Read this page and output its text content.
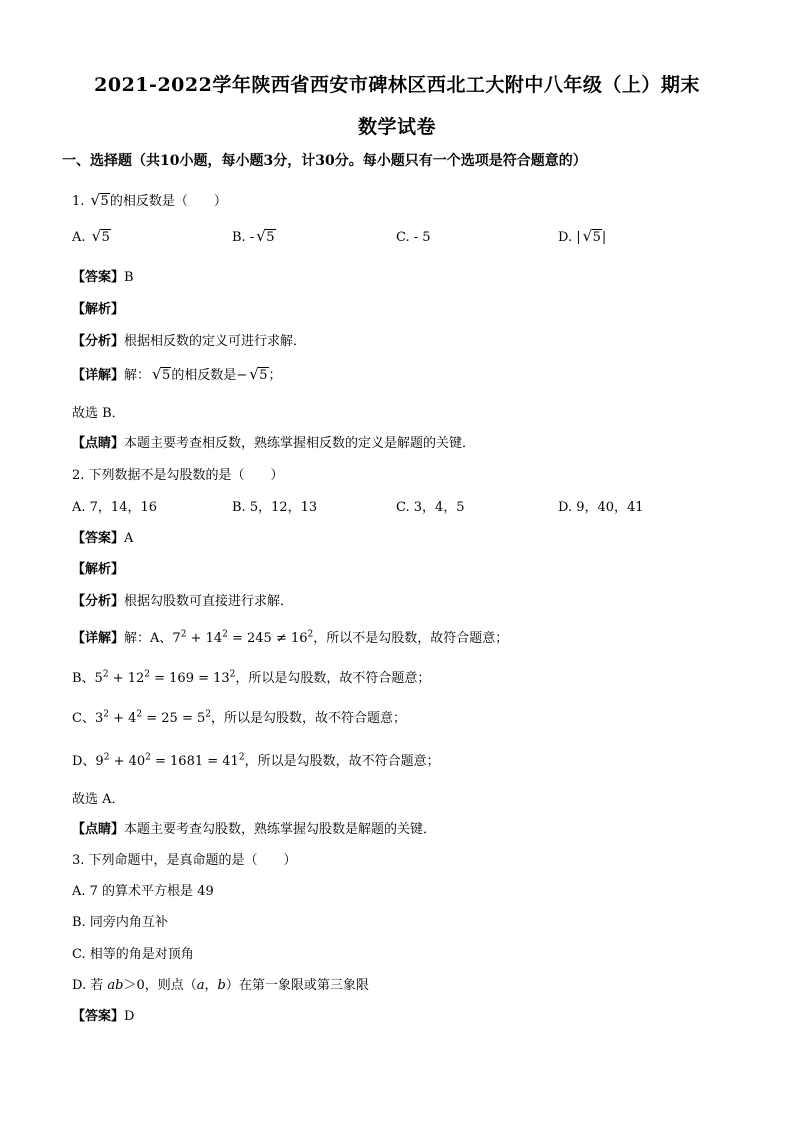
2021-2022学年陕西省西安市碑林区西北工大附中八年级（上）期末
数学试卷
一、选择题（共10小题，每小题3分，计30分。每小题只有一个选项是符合题意的）
1. √ 5的相反数是（　　）
A. √ 5	B. - √ 5	C. - 5	D. | √ 5|
【答案】B
【解析】
【分析】根据相反数的定义可进行求解．
【详解】解： √ 5的相反数是− √ 5；
故选 B．
【点睛】本题主要考查相反数，熟练掌握相反数的定义是解题的关键．
2. 下列数据不是勾股数的是（　　）
A. 7，14，16	B. 5，12，13	C. 3，4，5	D. 9，40，41
【答案】A
【解析】
【分析】根据勾股数可直接进行求解．
【详解】解：A、$7^2 + 14^2 = 245 \ne 16^2$，所以不是勾股数，故符合题意；
B、$5^2 + 12^2 = 169 = 13^2$，所以是勾股数，故不符合题意；
C、$3^2 + 4^2 = 25 = 5^2$，所以是勾股数，故不符合题意；
D、$9^2 + 40^2 = 1681 = 41^2$，所以是勾股数，故不符合题意；
故选 A．
【点睛】本题主要考查勾股数，熟练掌握勾股数是解题的关键．
3. 下列命题中，是真命题的是（　　）
A. 7 的算术平方根是 49
B. 同旁内角互补
C. 相等的角是对顶角
D. 若 ab＞0，则点（a，b）在第一象限或第三象限
【答案】D
